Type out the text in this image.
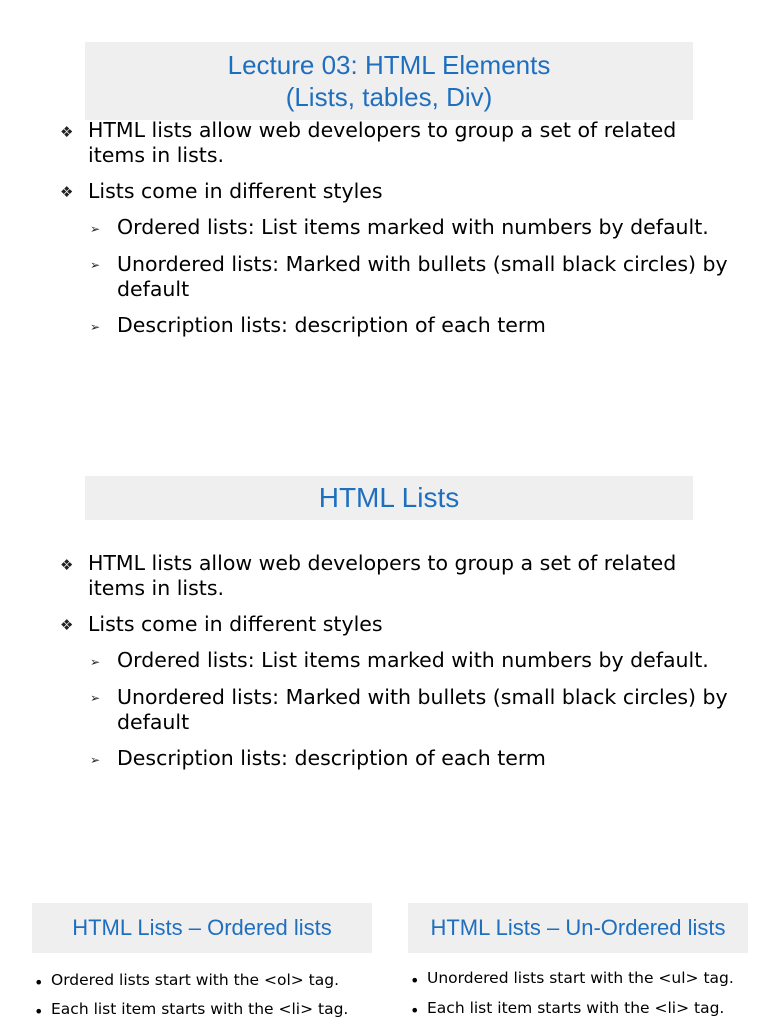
Lecture 03: HTML Elements
(Lists, tables, Div)
❖ HTML lists allow web developers to group a set of related items in lists.
❖ Lists come in different styles
➢ Ordered lists: List items marked with numbers by default.
➢ Unordered lists: Marked with bullets (small black circles) by default
➢ Description lists: description of each term
HTML Lists
❖ HTML lists allow web developers to group a set of related items in lists.
❖ Lists come in different styles
➢ Ordered lists: List items marked with numbers by default.
➢ Unordered lists: Marked with bullets (small black circles) by default
➢ Description lists: description of each term
HTML Lists – Ordered lists
• Ordered lists start with the <ol> tag.
• Each list item starts with the <li> tag.
HTML Lists – Un-Ordered lists
• Unordered lists start with the <ul> tag.
• Each list item starts with the <li> tag.
